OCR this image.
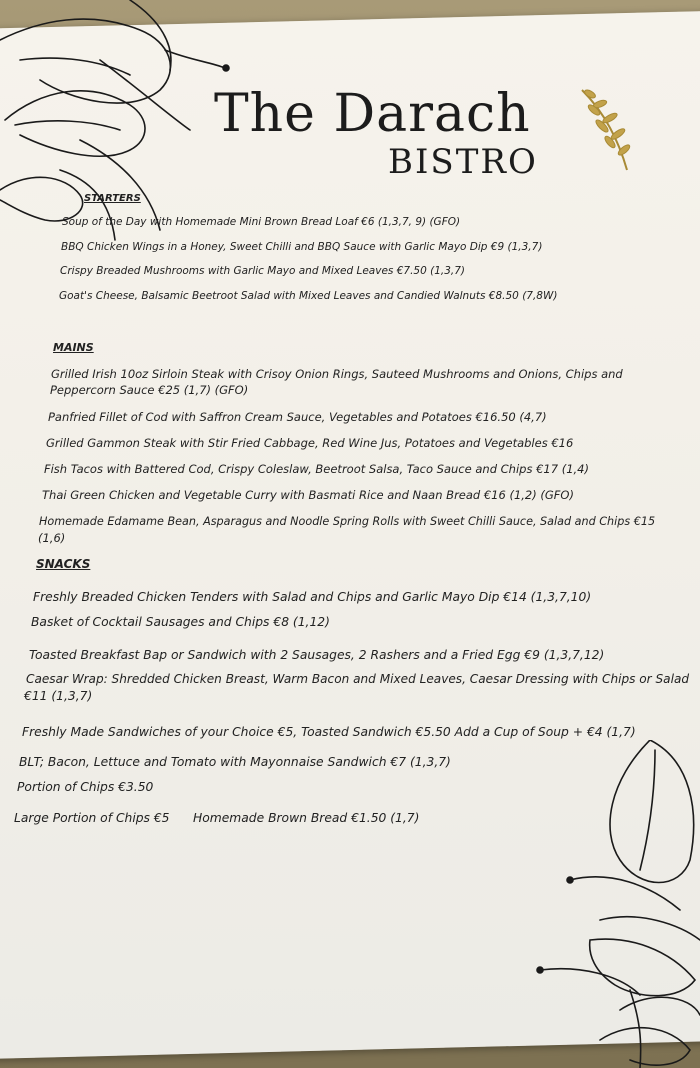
The Darach
BISTRO
STARTERS
Soup of the Day with Homemade Mini Brown Bread Loaf €6 (1,3,7, 9) (GFO)
BBQ Chicken Wings in a Honey, Sweet Chilli and BBQ Sauce with Garlic Mayo Dip €9 (1,3,7)
Crispy Breaded Mushrooms with Garlic Mayo and Mixed Leaves €7.50 (1,3,7)
Goat's Cheese, Balsamic Beetroot Salad with Mixed Leaves and Candied Walnuts €8.50 (7,8W)
MAINS
Grilled Irish 10oz Sirloin Steak with Crisoy Onion Rings, Sauteed Mushrooms and Onions, Chips and
Peppercorn Sauce €25 (1,7) (GFO)
Panfried Fillet of Cod with Saffron Cream Sauce, Vegetables and Potatoes €16.50 (4,7)
Grilled Gammon Steak with Stir Fried Cabbage, Red Wine Jus, Potatoes and Vegetables €16
Fish Tacos with Battered Cod, Crispy Coleslaw, Beetroot Salsa, Taco Sauce and Chips €17 (1,4)
Thai Green Chicken and Vegetable Curry with Basmati Rice and Naan Bread €16 (1,2) (GFO)
Homemade Edamame Bean, Asparagus and Noodle Spring Rolls with Sweet Chilli Sauce, Salad and Chips €15
(1,6)
SNACKS
Freshly Breaded Chicken Tenders with Salad and Chips and Garlic Mayo Dip €14 (1,3,7,10)
Basket of Cocktail Sausages and Chips €8 (1,12)
Toasted Breakfast Bap or Sandwich with 2 Sausages, 2 Rashers and a Fried Egg €9 (1,3,7,12)
Caesar Wrap: Shredded Chicken Breast, Warm Bacon and Mixed Leaves, Caesar Dressing with Chips or Salad
€11 (1,3,7)
Freshly Made Sandwiches of your Choice €5, Toasted Sandwich €5.50 Add a Cup of Soup + €4 (1,7)
BLT; Bacon, Lettuce and Tomato with Mayonnaise Sandwich €7 (1,3,7)
Portion of Chips €3.50
Large Portion of Chips €5      Homemade Brown Bread €1.50 (1,7)
